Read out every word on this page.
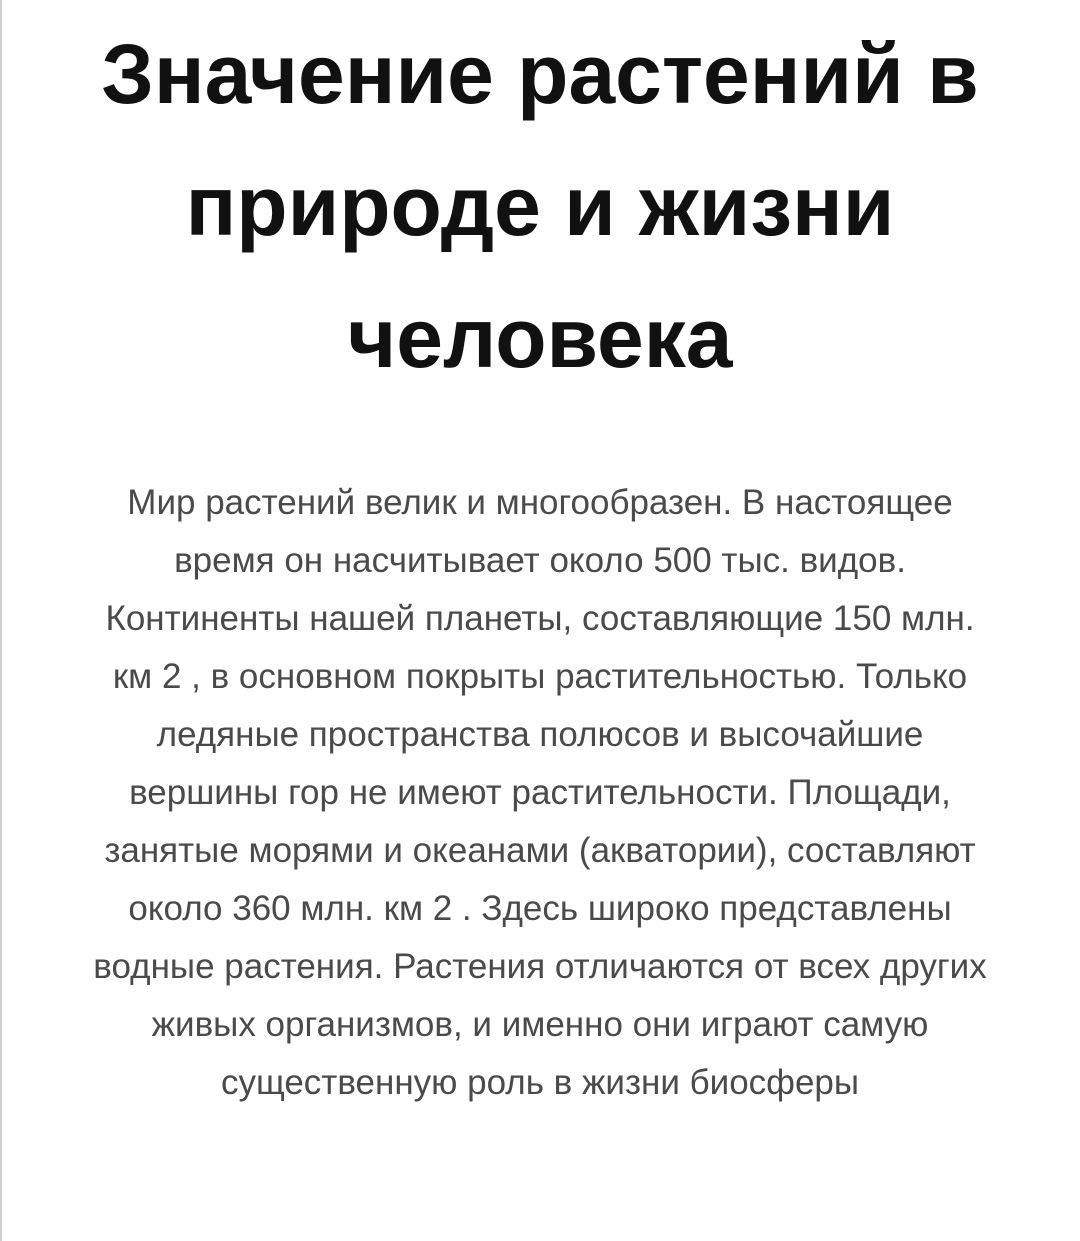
Значение растений в природе и жизни человека

Мир растений велик и многообразен. В настоящее время он насчитывает около 500 тыс. видов. Континенты нашей планеты, составляющие 150 млн. км 2 , в основном покрыты растительностью. Только ледяные пространства полюсов и высочайшие вершины гор не имеют растительности. Площади, занятые морями и океанами (акватории), составляют около 360 млн. км 2 . Здесь широко представлены водные растения. Растения отличаются от всех других живых организмов, и именно они играют самую существенную роль в жизни биосферы
